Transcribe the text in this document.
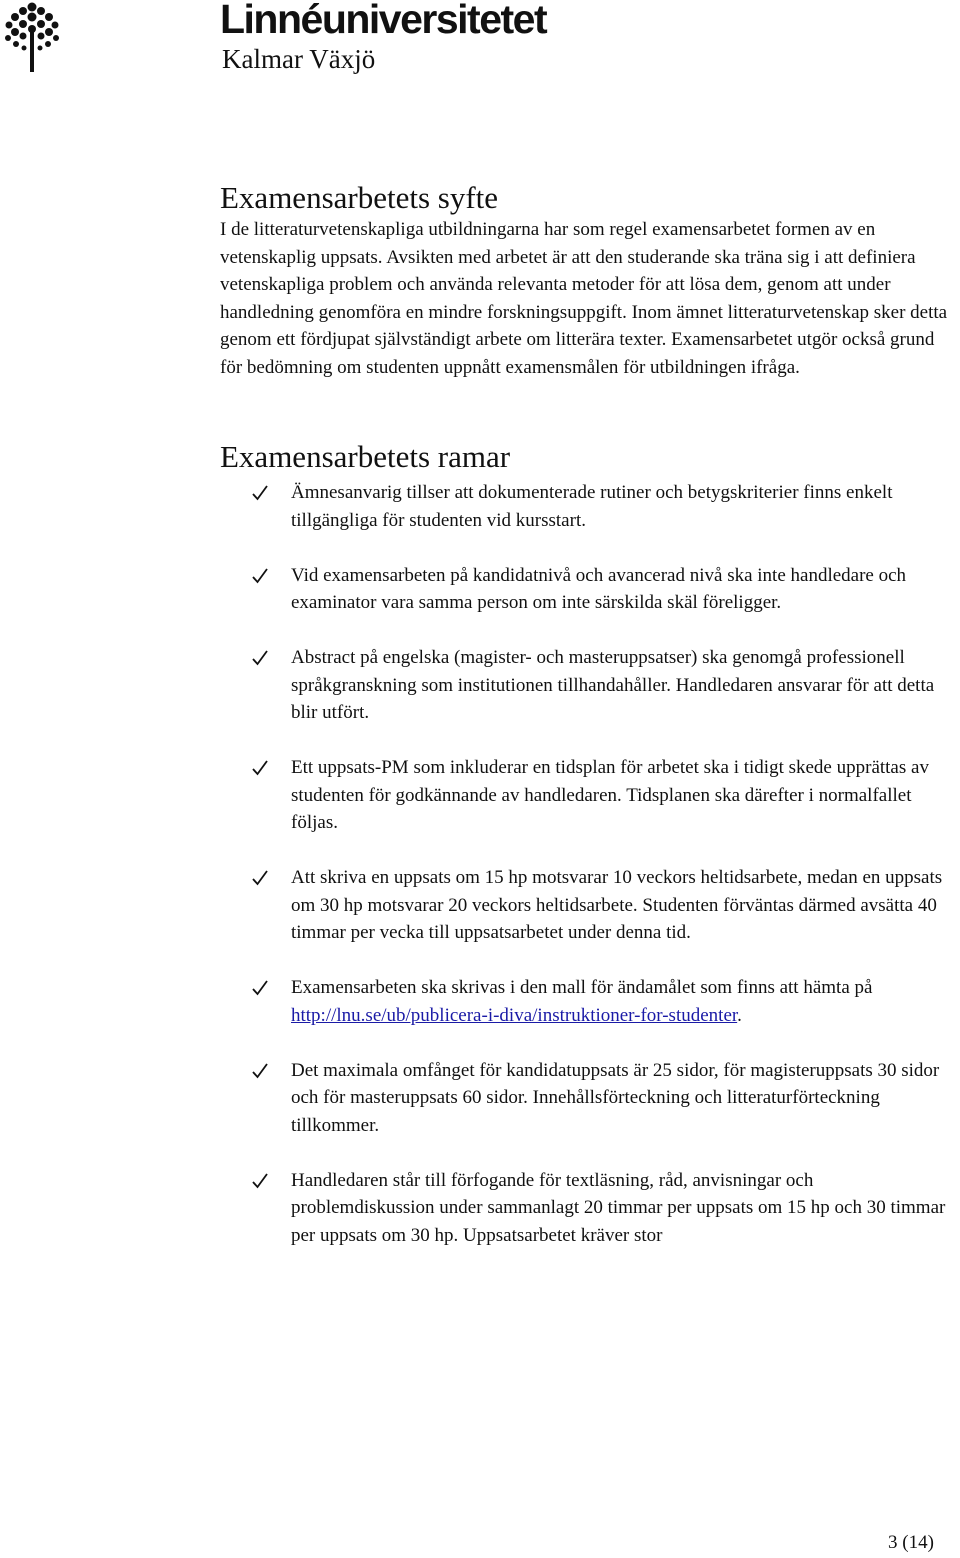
Linnéuniversitetet
Kalmar Växjö
Examensarbetets syfte

I de litteraturvetenskapliga utbildningarna har som regel examensarbetet formen av en vetenskaplig uppsats. Avsikten med arbetet är att den studerande ska träna sig i att definiera vetenskapliga problem och använda relevanta metoder för att lösa dem, genom att under handledning genomföra en mindre forskningsuppgift. Inom ämnet litteraturvetenskap sker detta genom ett fördjupat självständigt arbete om litterära texter. Examensarbetet utgör också grund för bedömning om studenten uppnått examensmålen för utbildningen ifråga.

Examensarbetets ramar
Ämnesanvarig tillser att dokumenterade rutiner och betygskriterier finns enkelt tillgängliga för studenten vid kursstart.
Vid examensarbeten på kandidatnivå och avancerad nivå ska inte handledare och examinator vara samma person om inte särskilda skäl föreligger.
Abstract på engelska (magister- och masteruppsatser) ska genomgå professionell språkgranskning som institutionen tillhandahåller. Handledaren ansvarar för att detta blir utfört.
Ett uppsats-PM som inkluderar en tidsplan för arbetet ska i tidigt skede upprättas av studenten för godkännande av handledaren. Tidsplanen ska därefter i normalfallet följas.
Att skriva en uppsats om 15 hp motsvarar 10 veckors heltidsarbete, medan en uppsats om 30 hp motsvarar 20 veckors heltidsarbete. Studenten förväntas därmed avsätta 40 timmar per vecka till uppsatsarbetet under denna tid.
Examensarbeten ska skrivas i den mall för ändamålet som finns att hämta på http://lnu.se/ub/publicera-i-diva/instruktioner-for-studenter.
Det maximala omfånget för kandidatuppsats är 25 sidor, för magisteruppsats 30 sidor och för masteruppsats 60 sidor. Innehållsförteckning och litteraturförteckning tillkommer.
Handledaren står till förfogande för textläsning, råd, anvisningar och problemdiskussion under sammanlagt 20 timmar per uppsats om 15 hp och 30 timmar per uppsats om 30 hp. Uppsatsarbetet kräver stor
3 (14)
